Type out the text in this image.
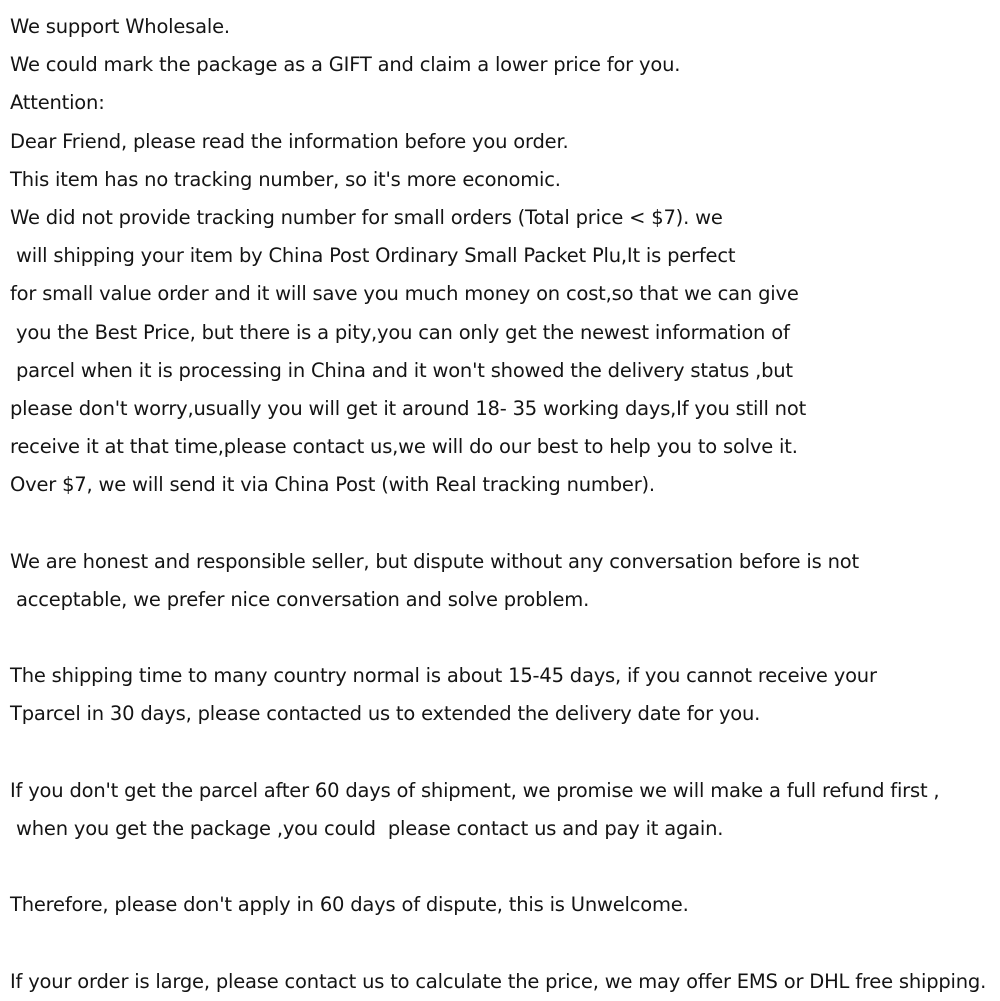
We support Wholesale.
We could mark the package as a GIFT and claim a lower price for you.
Attention:
Dear Friend, please read the information before you order.
This item has no tracking number, so it's more economic.
We did not provide tracking number for small orders (Total price < $7). we
will shipping your item by China Post Ordinary Small Packet Plu,It is perfect
for small value order and it will save you much money on cost,so that we can give
you the Best Price, but there is a pity,you can only get the newest information of
parcel when it is processing in China and it won't showed the delivery status ,but
please don't worry,usually you will get it around 18- 35 working days,If you still not
receive it at that time,please contact us,we will do our best to help you to solve it.
Over $7, we will send it via China Post (with Real tracking number).
We are honest and responsible seller, but dispute without any conversation before is not
acceptable, we prefer nice conversation and solve problem.
The shipping time to many country normal is about 15-45 days, if you cannot receive your
Tparcel in 30 days, please contacted us to extended the delivery date for you.
If you don't get the parcel after 60 days of shipment, we promise we will make a full refund first ,
when you get the package ,you could  please contact us and pay it again.
Therefore, please don't apply in 60 days of dispute, this is Unwelcome.
If your order is large, please contact us to calculate the price, we may offer EMS or DHL free shipping.
